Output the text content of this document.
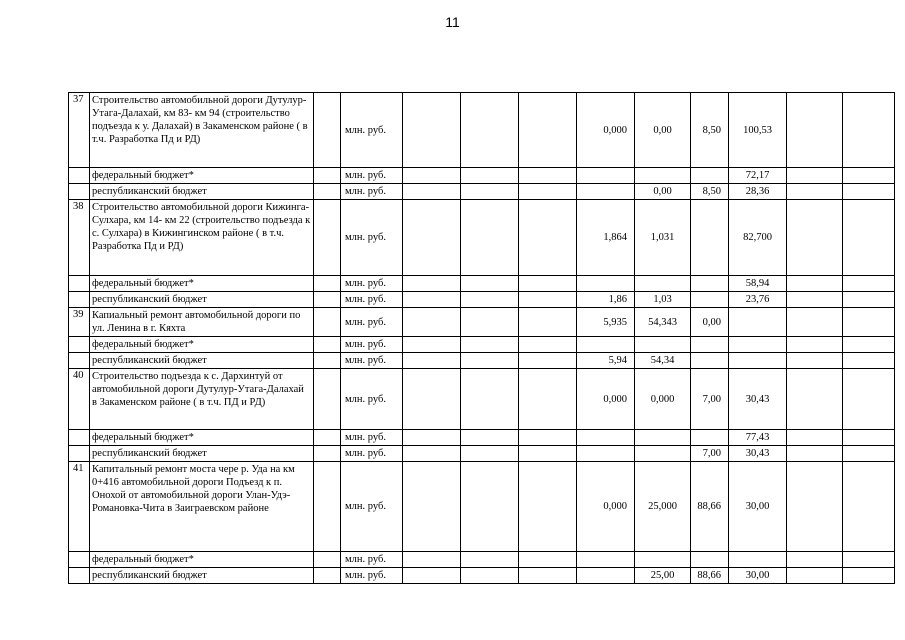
11
37	Строительство автомобильной дороги Дутулур-Утага-Далахай, км 83- км 94 (строительство подъезда к у. Далахай) в Закаменском районе ( в т.ч. Разработка Пд и РД)		млн. руб.				0,000	0,00	8,50	100,53		
	федеральный бюджет*		млн. руб.							72,17		
	республиканский бюджет		млн. руб.					0,00	8,50	28,36		
38	Строительство автомобильной дороги Кижинга-Сулхара, км 14- км 22 (строительство подъезда к с. Сулхара) в Кижингинском районе ( в т.ч. Разработка Пд и РД)		млн. руб.				1,864	1,031		82,700		
	федеральный бюджет*		млн. руб.							58,94		
	республиканский бюджет		млн. руб.				1,86	1,03		23,76		
39	Капиальный ремонт автомобильной дороги по ул. Ленина в г. Кяхта		млн. руб.				5,935	54,343	0,00			
	федеральный бюджет*		млн. руб.									
	республиканский бюджет		млн. руб.				5,94	54,34				
40	Строительство подъезда к с. Дархинтуй от автомобильной дороги Дутулур-Утага-Далахай в Закаменском районе ( в т.ч. ПД и РД)		млн. руб.				0,000	0,000	7,00	30,43		
	федеральный бюджет*		млн. руб.							77,43		
	республиканский бюджет		млн. руб.						7,00	30,43		
41	Капитальный ремонт моста чере р. Уда на км 0+416 автомобильной дороги Подъезд к п. Онохой от автомобильной дороги Улан-Удэ-Романовка-Чита в Заиграевском районе		млн. руб.				0,000	25,000	88,66	30,00		
	федеральный бюджет*		млн. руб.									
	республиканский бюджет		млн. руб.					25,00	88,66	30,00		
